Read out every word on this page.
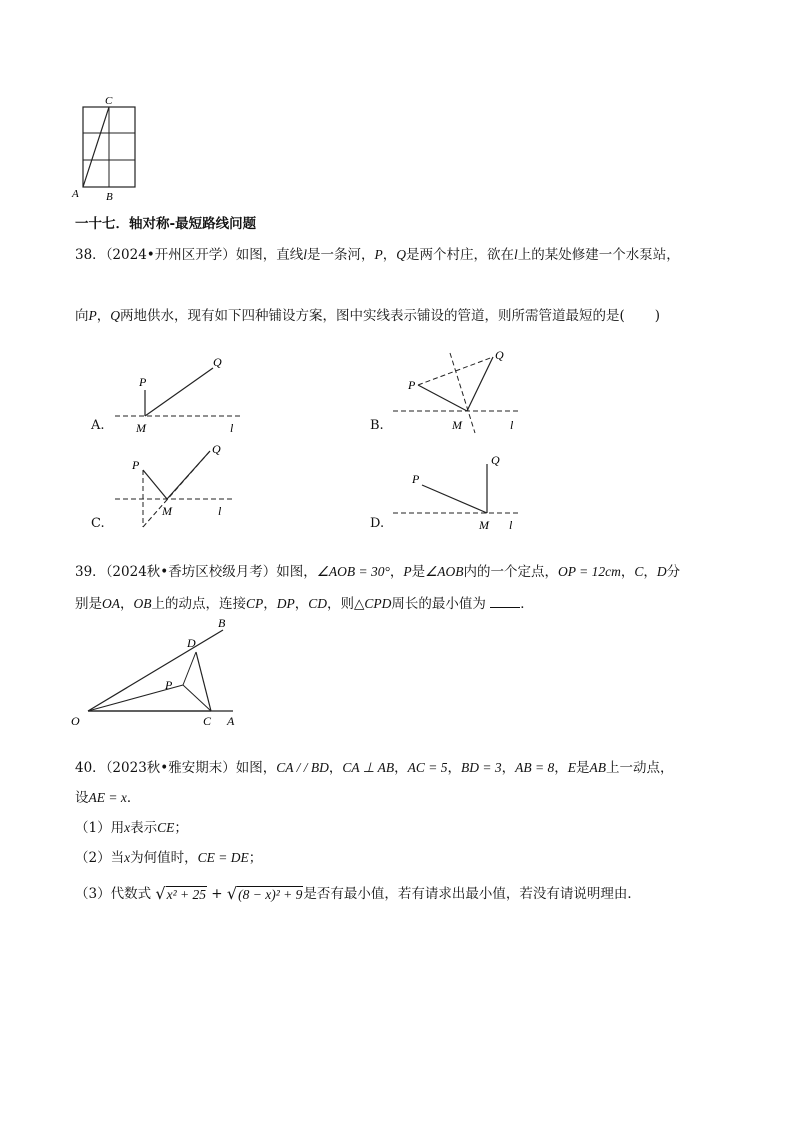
C
A B
一十七．轴对称-最短路线问题
38．（2024•开州区开学）如图，直线l是一条河，P，Q是两个村庄，欲在l上的某处修建一个水泵站，
向P，Q两地供水，现有如下四种铺设方案，图中实线表示铺设的管道，则所需管道最短的是( )
A.
P
Q
M	l	B.
P
Q
M	l
C.
P
Q
M	l
D.
P
Q
M l
39．（2024秋•香坊区校级月考）如图，∠AOB = 30°，P是∠AOB内的一个定点，OP = 12cm，C，D分
别是OA，OB上的动点，连接CP，DP，CD，则△CPD周长的最小值为	．
O	A
B
C
D
P
40．（2023秋•雅安期末）如图，CA / / BD，CA ⊥ AB，AC = 5，BD = 3，AB = 8，E是AB上一动点，
设AE = x．
（1）用x表示CE；
（2）当x为何值时，CE = DE；
（3）代数式 √x² + 25 + √(8 − x)² + 9是否有最小值，若有请求出最小值，若没有请说明理由．
